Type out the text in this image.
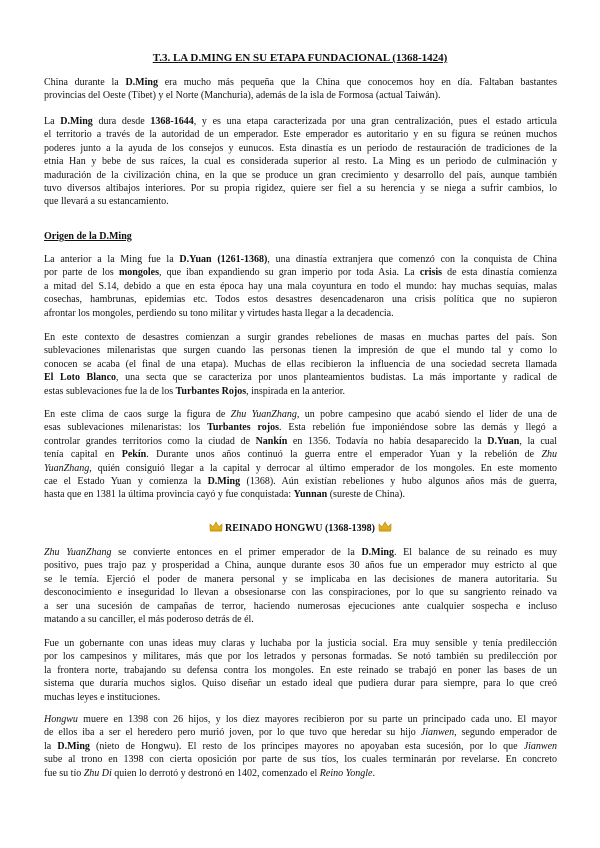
T.3. LA D.MING EN SU ETAPA FUNDACIONAL (1368-1424)
China durante la D.Ming era mucho más pequeña que la China que conocemos hoy en día. Faltaban bastantes
provincias del Oeste (Tíbet) y el Norte (Manchuria), además de la isla de Formosa (actual Taiwán).
La D.Ming dura desde 1368-1644, y es una etapa caracterizada por una gran centralización, pues el estado articula
el territorio a través de la autoridad de un emperador. Este emperador es autoritario y en su figura se reúnen muchos
poderes junto a la ayuda de los consejos y eunucos. Esta dinastía es un periodo de restauración de tradiciones de la
etnia Han y bebe de sus raíces, la cual es considerada superior al resto. La Ming es un periodo de culminación y
maduración de la civilización china, en la que se produce un gran crecimiento y desarrollo del país, aunque también
tuvo diversos altibajos interiores. Por su propia rigidez, quiere ser fiel a su herencia y se niega a sufrir cambios, lo
que llevará a su estancamiento.
Origen de la D.Ming
La anterior a la Ming fue la D.Yuan (1261-1368), una dinastía extranjera que comenzó con la conquista de China
por parte de los mongoles, que iban expandiendo su gran imperio por toda Asia. La crisis de esta dinastía comienza
a mitad del S.14, debido a que en esta época hay una mala coyuntura en todo el mundo: hay muchas sequías, malas
cosechas, hambrunas, epidemias etc. Todos estos desastres desencadenaron una crisis política que no supieron
afrontar los mongoles, perdiendo su tono militar y virtudes hasta llegar a la decadencia.
En este contexto de desastres comienzan a surgir grandes rebeliones de masas en muchas partes del país. Son
sublevaciones milenaristas que surgen cuando las personas tienen la impresión de que el mundo tal y como lo
conocen se acaba (el final de una etapa). Muchas de ellas recibieron la influencia de una sociedad secreta llamada
El Loto Blanco, una secta que se caracteriza por unos planteamientos budistas. La más importante y radical de
estas sublevaciones fue la de los Turbantes Rojos, inspirada en la anterior.
En este clima de caos surge la figura de Zhu YuanZhang, un pobre campesino que acabó siendo el líder de una de
esas sublevaciones milenaristas: los Turbantes rojos. Esta rebelión fue imponiéndose sobre las demás y llegó a
controlar grandes territorios como la ciudad de Nankín en 1356. Todavía no había desaparecido la D.Yuan, la cual
tenía capital en Pekín. Durante unos años continuó la guerra entre el emperador Yuan y la rebelión de Zhu
YuanZhang, quién consiguió llegar a la capital y derrocar al último emperador de los mongoles. En este momento
cae el Estado Yuan y comienza la D.Ming (1368). Aún existían rebeliones y hubo algunos años más de guerra,
hasta que en 1381 la última provincia cayó y fue conquistada: Yunnan (sureste de China).
REINADO HONGWU (1368-1398)
Zhu YuanZhang se convierte entonces en el primer emperador de la D.Ming. El balance de su reinado es muy
positivo, pues trajo paz y prosperidad a China, aunque durante esos 30 años fue un emperador muy estricto al que
se le temía. Ejerció el poder de manera personal y se implicaba en las decisiones de manera autoritaria. Su
desconocimiento e inseguridad lo llevan a obsesionarse con las conspiraciones, por lo que su sangriento reinado va
a ser una sucesión de campañas de terror, haciendo numerosas ejecuciones ante cualquier sospecha e incluso
matando a su canciller, el más poderoso detrás de él.
Fue un gobernante con unas ideas muy claras y luchaba por la justicia social. Era muy sensible y tenía predilección
por los campesinos y militares, más que por los letrados y personas formadas. Se notó también su predilección por
la frontera norte, trabajando su defensa contra los mongoles. En este reinado se trabajó en poner las bases de un
sistema que duraría muchos siglos. Quiso diseñar un estado ideal que pudiera durar para siempre, para lo que creó
muchas leyes e instituciones.
Hongwu muere en 1398 con 26 hijos, y los diez mayores recibieron por su parte un principado cada uno. El mayor
de ellos iba a ser el heredero pero murió joven, por lo que tuvo que heredar su hijo Jianwen, segundo emperador de
la D.Ming (nieto de Hongwu). El resto de los príncipes mayores no apoyaban esta sucesión, por lo que Jianwen
sube al trono en 1398 con cierta oposición por parte de sus tíos, los cuales terminarán por revelarse. En concreto
fue su tío Zhu Di quien lo derrotó y destronó en 1402, comenzado el Reino Yongle.
